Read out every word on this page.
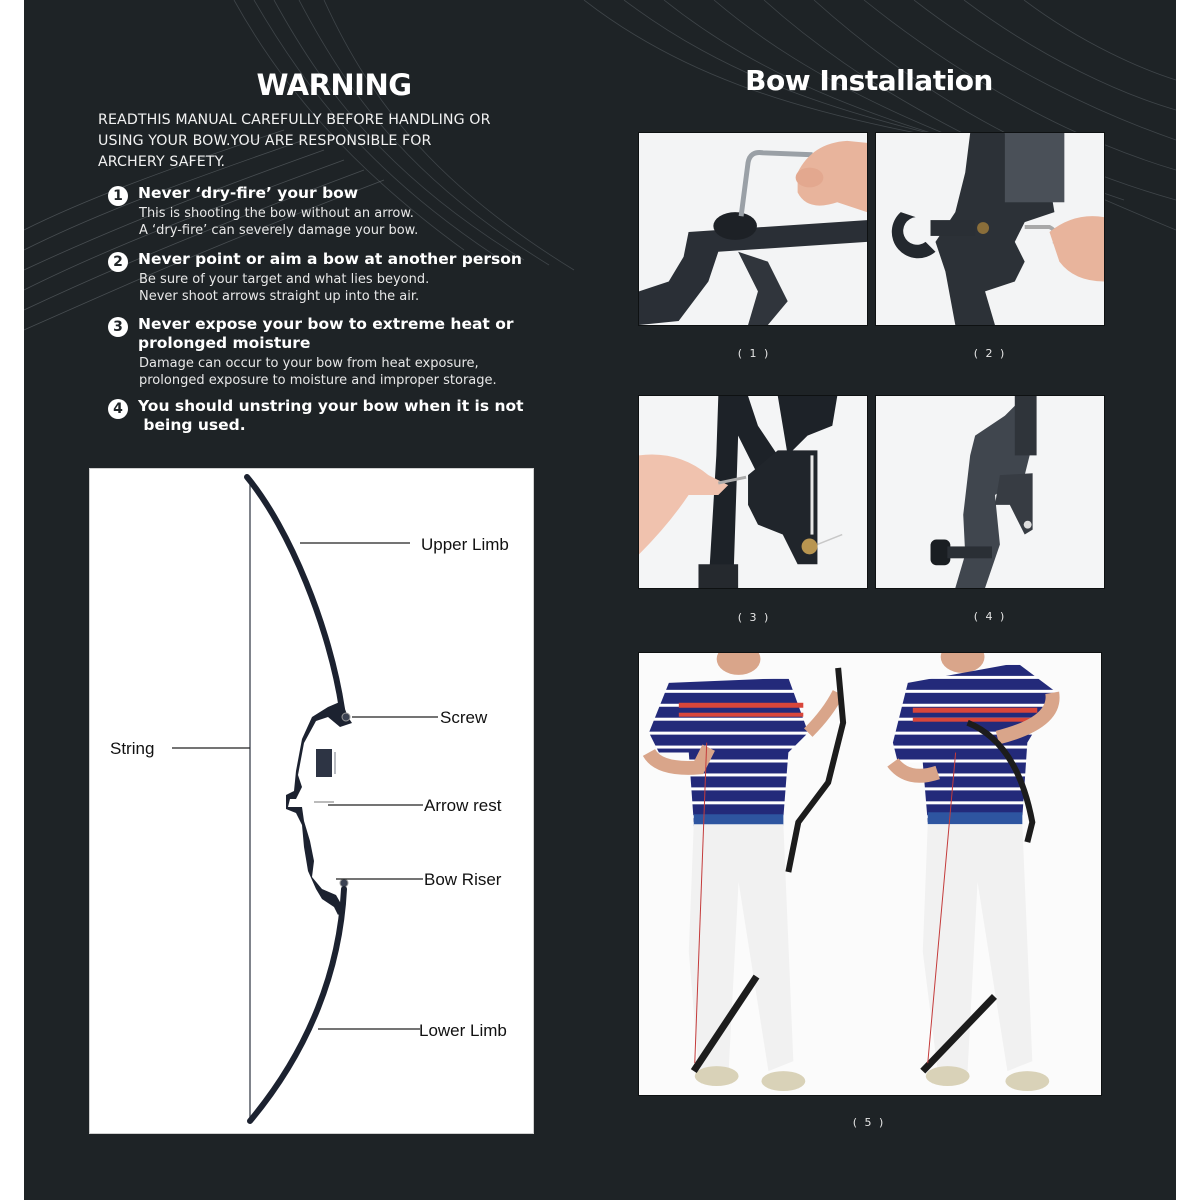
WARNING
READTHIS MANUAL CAREFULLY BEFORE HANDLING OR
USING YOUR BOW.YOU ARE RESPONSIBLE FOR
ARCHERY SAFETY.
1 Never ‘dry-fire’ your bow
This is shooting the bow without an arrow.
A ‘dry-fire’ can severely damage your bow.
2 Never point or aim a bow at another person
Be sure of your target and what lies beyond.
Never shoot arrows straight up into the air.
3 Never expose your bow to extreme heat or
prolonged moisture
Damage can occur to your bow from heat exposure,
prolonged exposure to moisture and improper storage.
4 You should unstring your bow when it is not
being used.
Upper Limb
Screw
String
Arrow rest
Bow Riser
Lower Limb
Bow Installation
( 1 )	( 2 )
( 3 )	( 4 )
( 5 )
